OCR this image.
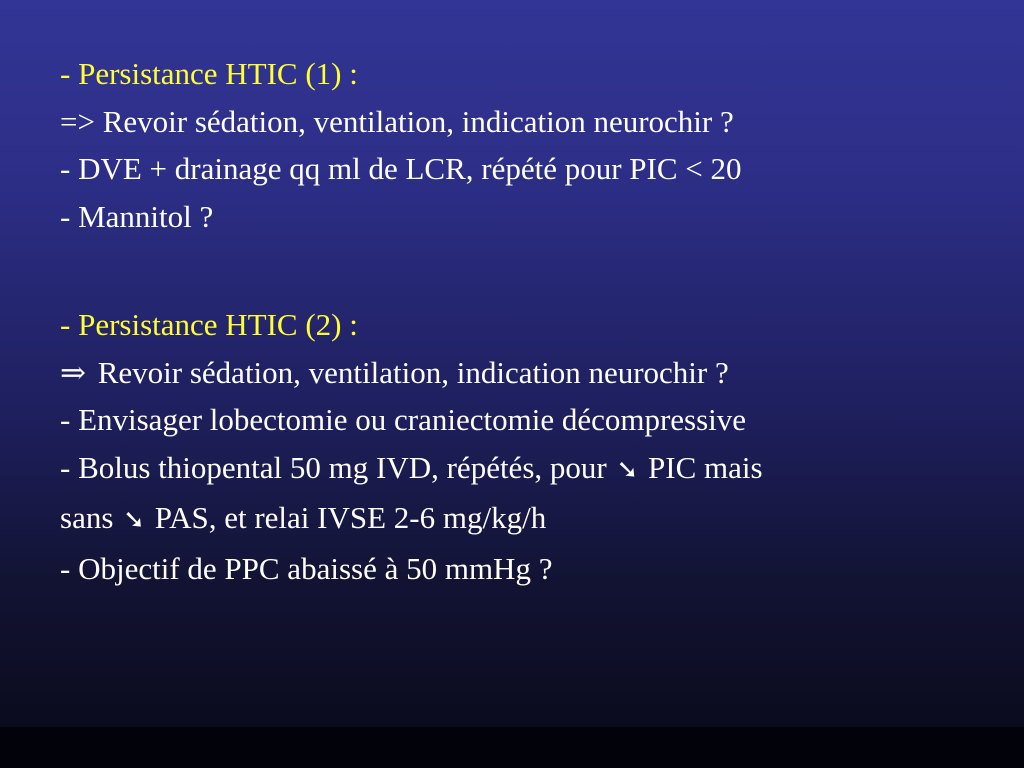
- Persistance HTIC (1) :
=> Revoir sédation, ventilation, indication neurochir ?
- DVE + drainage qq ml de LCR, répété pour PIC < 20
- Mannitol ?
- Persistance HTIC (2) :
⇒ Revoir sédation, ventilation, indication neurochir ?
- Envisager lobectomie ou craniectomie décompressive
- Bolus thiopental 50 mg IVD, répétés, pour ➘ PIC mais
sans ➘ PAS, et relai IVSE 2-6 mg/kg/h
- Objectif de PPC abaissé à 50 mmHg ?
